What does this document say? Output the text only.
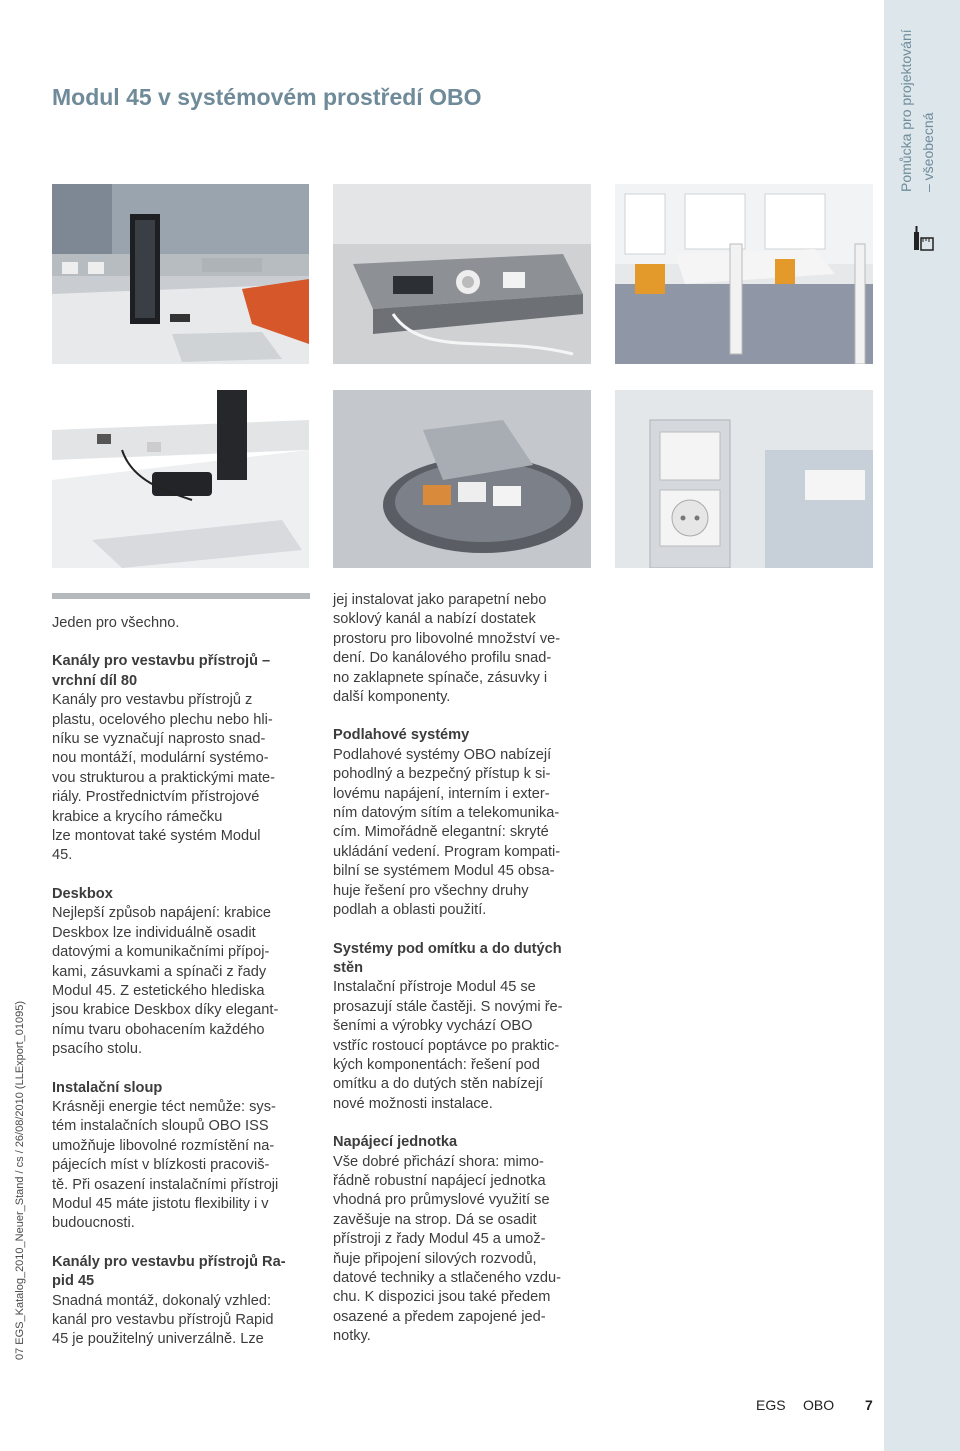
Pomůcka pro projektování – všeobecná
Modul 45 v systémovém prostředí OBO

Jeden pro všechno.

Kanály pro vestavbu přístrojů –
vrchní díl 80

Kanály pro vestavbu přístrojů z
plastu, ocelového plechu nebo hli-
níku se vyznačují naprosto snad-
nou montáží, modulární systémo-
vou strukturou a praktickými mate-
riály. Prostřednictvím přístrojové
krabice a krycího rámečku
lze montovat také systém Modul
45.

Deskbox

Nejlepší způsob napájení: krabice
Deskbox lze individuálně osadit
datovými a komunikačními přípoj-
kami, zásuvkami a spínači z řady
Modul 45. Z estetického hlediska
jsou krabice Deskbox díky elegant-
nímu tvaru obohacením každého
psacího stolu.

Instalační sloup

Krásněji energie téct nemůže: sys-
tém instalačních sloupů OBO ISS
umožňuje libovolné rozmístění na-
pájecích míst v blízkosti pracoviš-
tě. Při osazení instalačními přístroji
Modul 45 máte jistotu flexibility i v
budoucnosti.

Kanály pro vestavbu přístrojů Ra-
pid 45

Snadná montáž, dokonalý vzhled:
kanál pro vestavbu přístrojů Rapid
45 je použitelný univerzálně. Lze

jej instalovat jako parapetní nebo
soklový kanál a nabízí dostatek
prostoru pro libovolné množství ve-
dení. Do kanálového profilu snad-
no zaklapnete spínače, zásuvky i
další komponenty.

Podlahové systémy

Podlahové systémy OBO nabízejí
pohodlný a bezpečný přístup k si-
lovému napájení, interním i exter-
ním datovým sítím a telekomunika-
cím. Mimořádně elegantní: skryté
ukládání vedení. Program kompati-
bilní se systémem Modul 45 obsa-
huje řešení pro všechny druhy
podlah a oblasti použití.

Systémy pod omítku a do dutých
stěn

Instalační přístroje Modul 45 se
prosazují stále častěji. S novými ře-
šeními a výrobky vychází OBO
vstříc rostoucí poptávce po praktic-
kých komponentách: řešení pod
omítku a do dutých stěn nabízejí
nové možnosti instalace.

Napájecí jednotka

Vše dobré přichází shora: mimo-
řádně robustní napájecí jednotka
vhodná pro průmyslové využití se
zavěšuje na strop. Dá se osadit
přístroji z řady Modul 45 a umož-
ňuje připojení silových rozvodů,
datové techniky a stlačeného vzdu-
chu. K dispozici jsou také předem
osazené a předem zapojené jed-
notky.

07 EGS_Katalog_2010_Neuer_Stand / cs / 26/08/2010 (LLExport_01095)
EGS OBO 7
